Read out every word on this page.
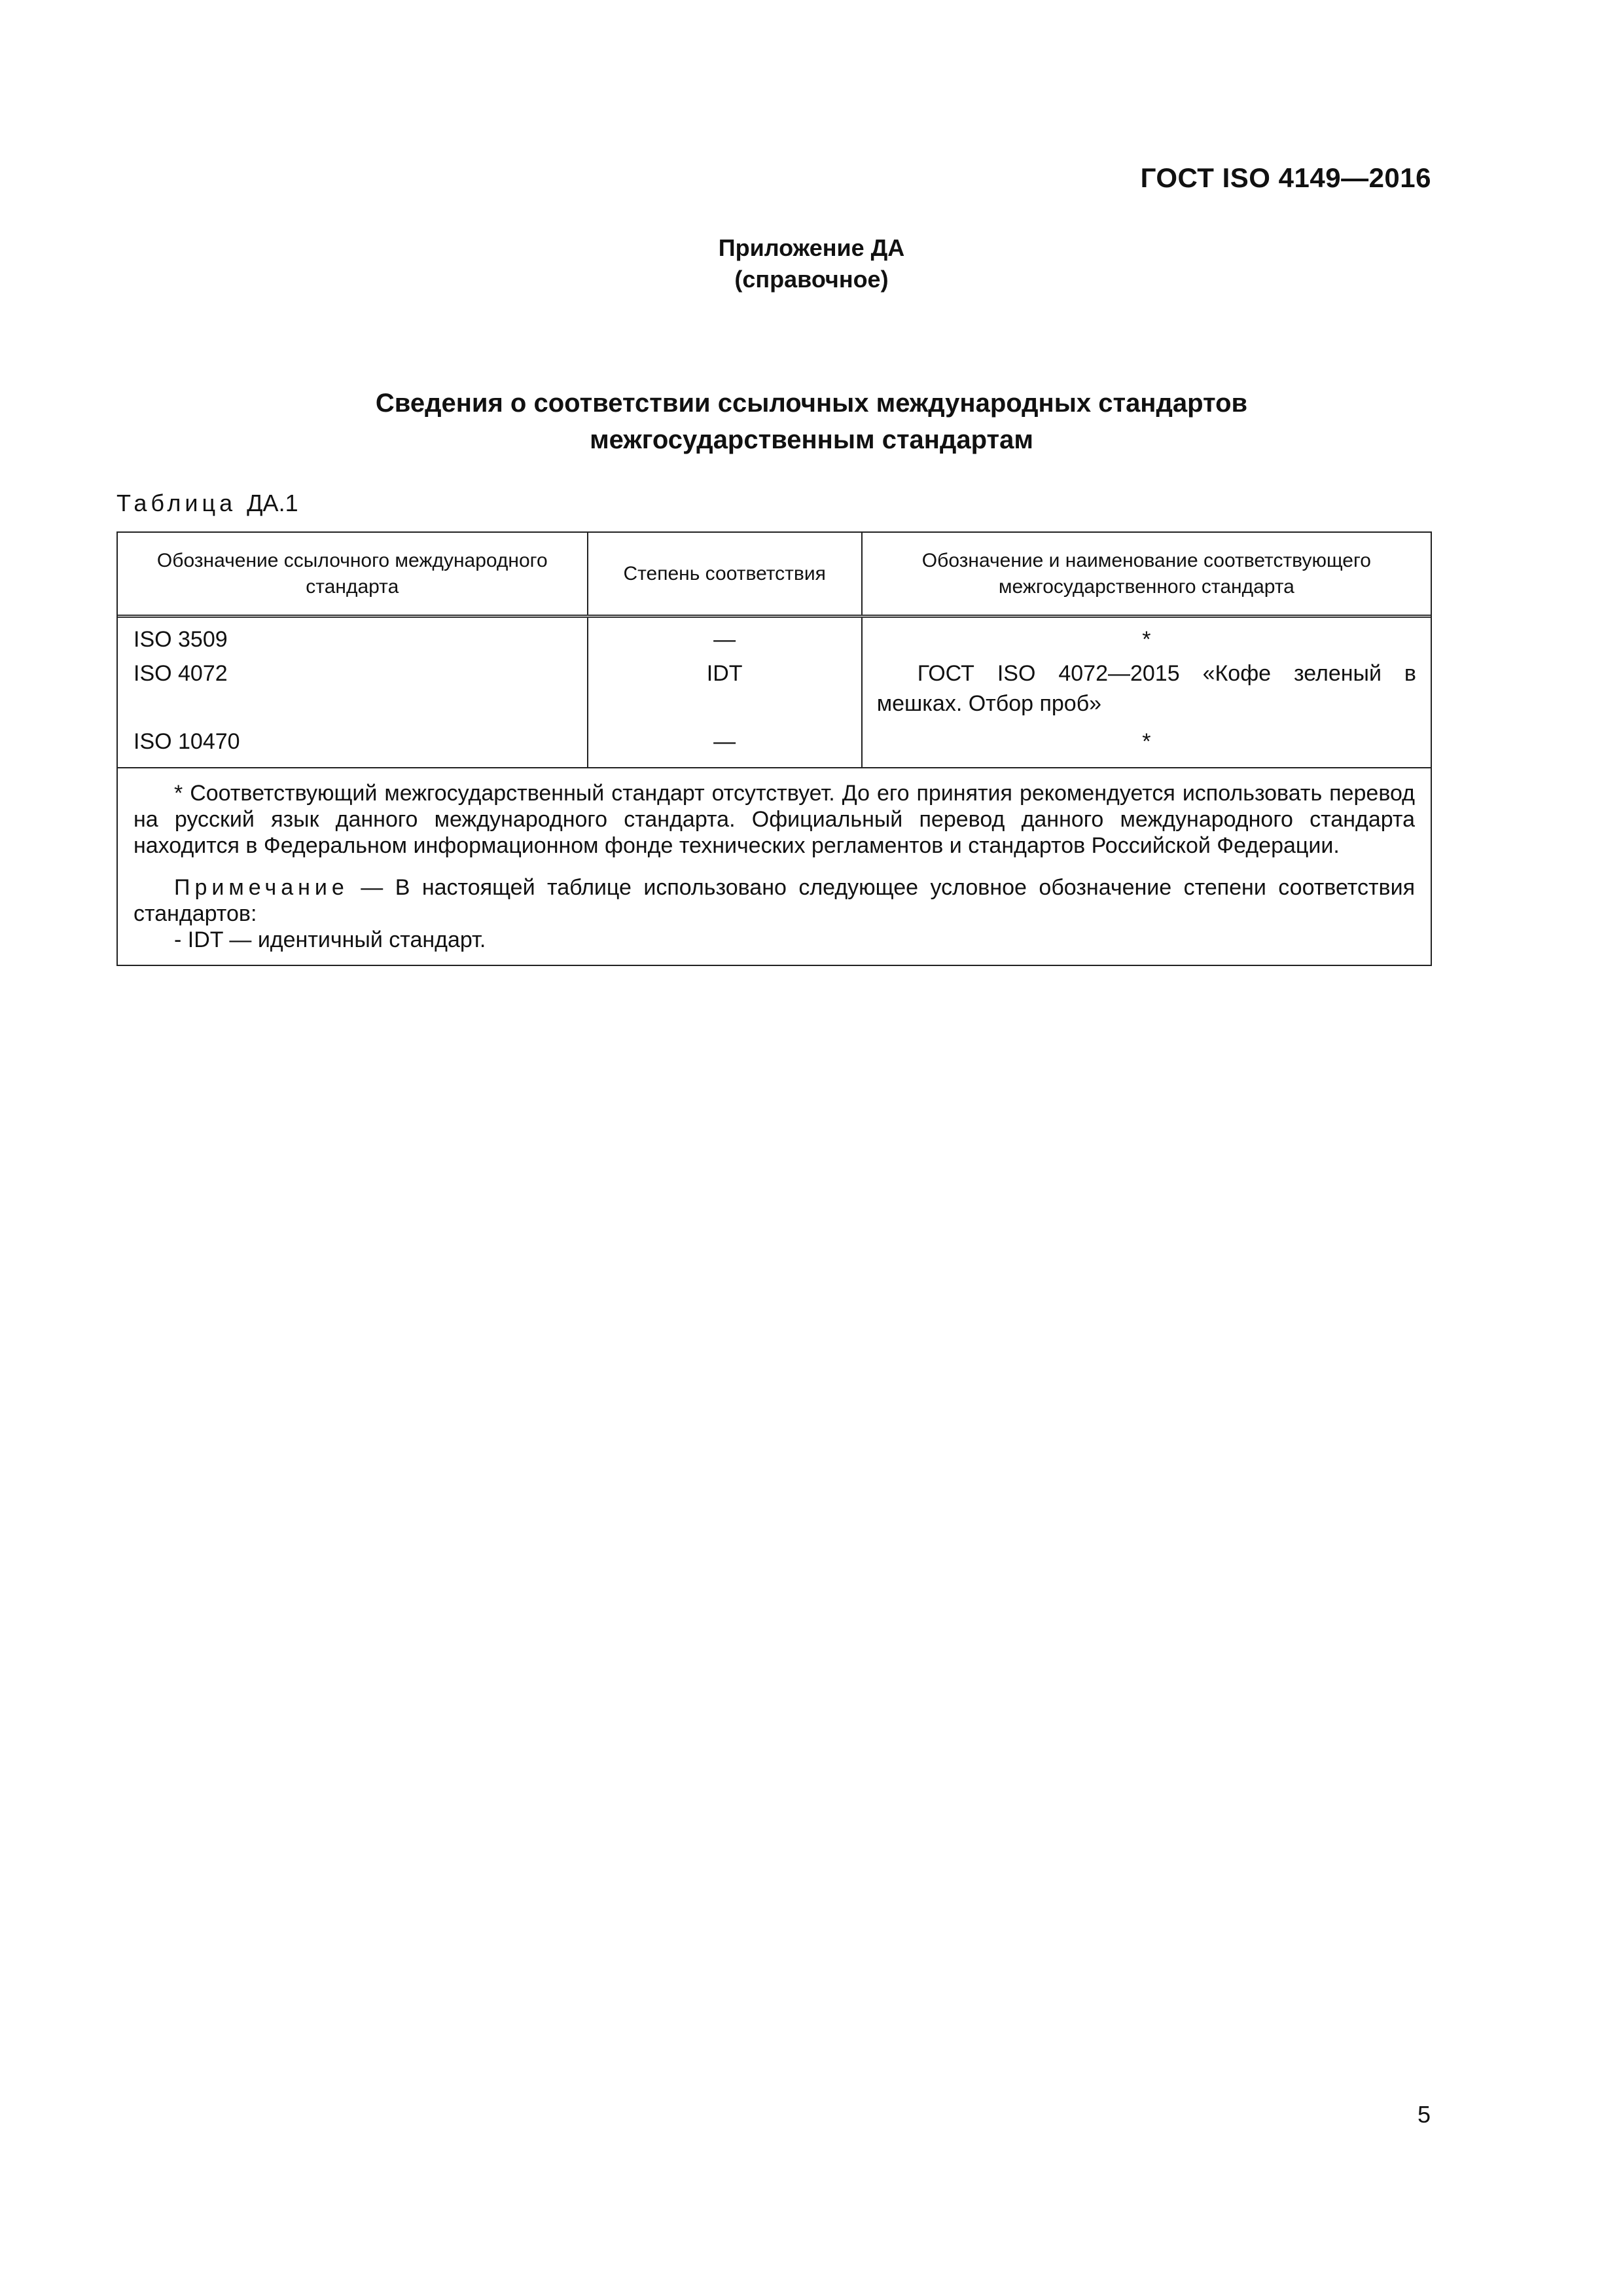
ГОСТ ISO 4149—2016
Приложение ДА
(справочное)
Сведения о соответствии ссылочных международных стандартов
межгосударственным стандартам
Таблица ДА.1
Обозначение ссылочного международного стандарта
Степень соответствия
Обозначение и наименование соответствующего межгосударственного стандарта
ISO 3509
ISO 4072
ISO 10470
—
IDT
—
*
ГОСТ ISO 4072—2015 «Кофе зеленый в мешках. Отбор проб»
*

* Соответствующий межгосударственный стандарт отсутствует. До его принятия рекомендуется использовать перевод на русский язык данного международного стандарта. Официальный перевод данного международного стандарта находится в Федеральном информационном фонде технических регламентов и стандартов Российской Федерации.

Примечание — В настоящей таблице использовано следующее условное обозначение степени соответствия стандартов:

- IDT — идентичный стандарт.

5
